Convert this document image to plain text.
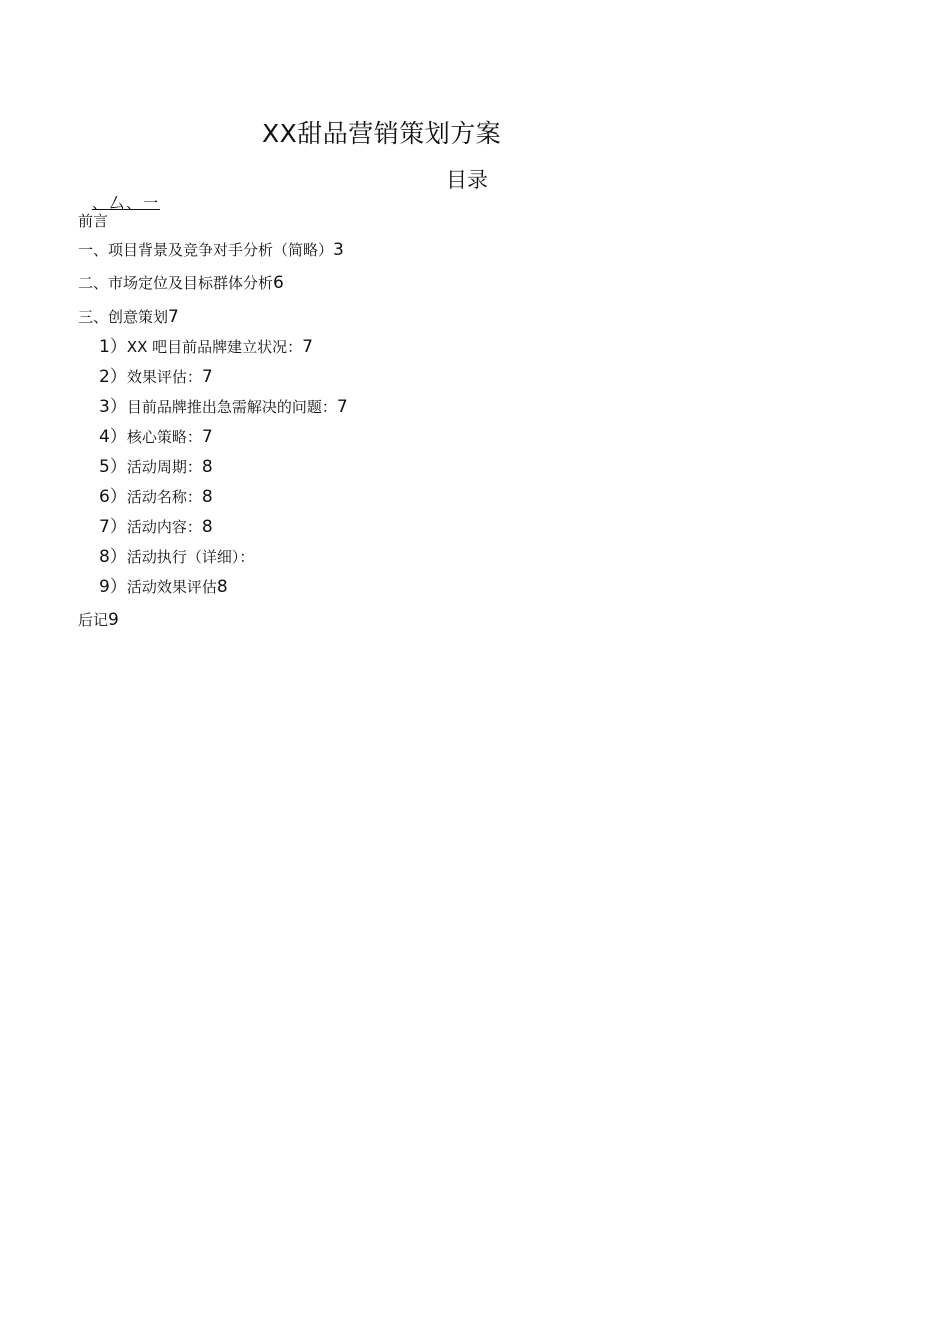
XX甜品营销策划方案
目录
、厶、一
前言
一、项目背景及竞争对手分析（简略）3
二、市场定位及目标群体分析6
三、创意策划7
1）XX 吧目前品牌建立状况：7
2）效果评估：7
3）目前品牌推出急需解决的问题：7
4）核心策略：7
5）活动周期：8
6）活动名称：8
7）活动内容：8
8）活动执行（详细）：
9）活动效果评估8
后记9
